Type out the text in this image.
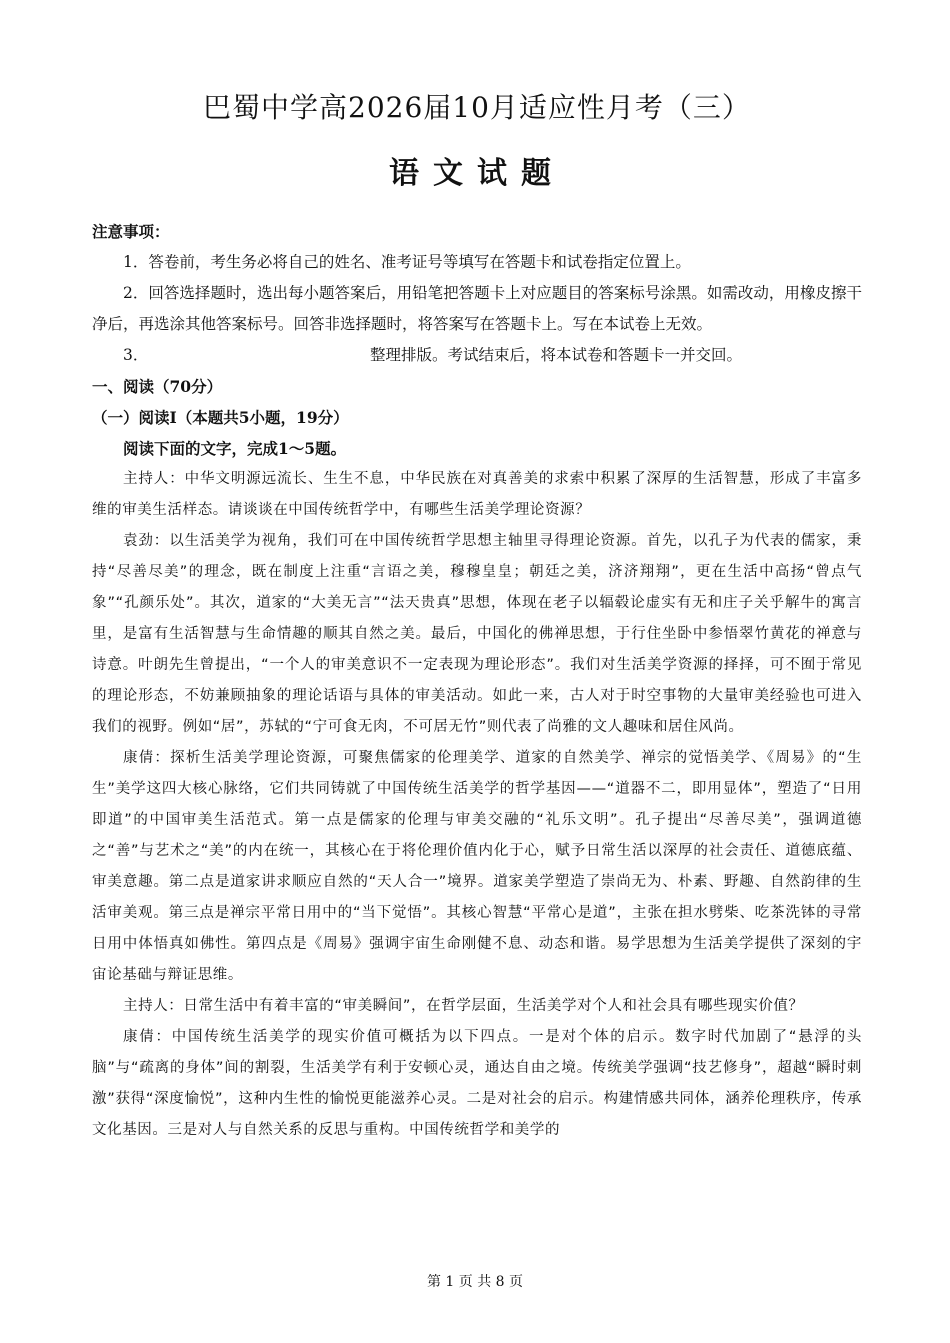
巴蜀中学高2026届10月适应性月考（三）
语文试题
注意事项：

1．答卷前，考生务必将自己的姓名、准考证号等填写在答题卡和试卷指定位置上。

2．回答选择题时，选出每小题答案后，用铅笔把答题卡上对应题目的答案标号涂黑。如需改动，用橡皮擦干净后，再选涂其他答案标号。回答非选择题时，将答案写在答题卡上。写在本试卷上无效。

3．	整理排版。考试结束后，将本试卷和答题卡一并交回。
一、阅读（70分）
（一）阅读Ⅰ（本题共5小题，19分）

阅读下面的文字，完成1～5题。

主持人：中华文明源远流长、生生不息，中华民族在对真善美的求索中积累了深厚的生活智慧，形成了丰富多维的审美生活样态。请谈谈在中国传统哲学中，有哪些生活美学理论资源？

袁劲：以生活美学为视角，我们可在中国传统哲学思想主轴里寻得理论资源。首先，以孔子为代表的儒家，秉持“尽善尽美”的理念，既在制度上注重“言语之美，穆穆皇皇；朝廷之美，济济翔翔”，更在生活中高扬“曾点气象”“孔颜乐处”。其次，道家的“大美无言”“法天贵真”思想，体现在老子以辐毂论虚实有无和庄子关乎解牛的寓言里，是富有生活智慧与生命情趣的顺其自然之美。最后，中国化的佛禅思想，于行住坐卧中参悟翠竹黄花的禅意与诗意。叶朗先生曾提出，“一个人的审美意识不一定表现为理论形态”。我们对生活美学资源的择择，可不囿于常见的理论形态，不妨兼顾抽象的理论话语与具体的审美活动。如此一来，古人对于时空事物的大量审美经验也可进入我们的视野。例如“居”，苏轼的“宁可食无肉，不可居无竹”则代表了尚雅的文人趣味和居住风尚。

康倩：探析生活美学理论资源，可聚焦儒家的伦理美学、道家的自然美学、禅宗的觉悟美学、《周易》的“生生”美学这四大核心脉络，它们共同铸就了中国传统生活美学的哲学基因——“道器不二，即用显体”，塑造了“日用即道”的中国审美生活范式。第一点是儒家的伦理与审美交融的“礼乐文明”。孔子提出“尽善尽美”，强调道德之“善”与艺术之“美”的内在统一，其核心在于将伦理价值内化于心，赋予日常生活以深厚的社会责任、道德底蕴、审美意趣。第二点是道家讲求顺应自然的“天人合一”境界。道家美学塑造了崇尚无为、朴素、野趣、自然韵律的生活审美观。第三点是禅宗平常日用中的“当下觉悟”。其核心智慧“平常心是道”，主张在担水劈柴、吃茶洗钵的寻常日用中体悟真如佛性。第四点是《周易》强调宇宙生命刚健不息、动态和谐。易学思想为生活美学提供了深刻的宇宙论基础与辩证思维。

主持人：日常生活中有着丰富的“审美瞬间”，在哲学层面，生活美学对个人和社会具有哪些现实价值？

康倩：中国传统生活美学的现实价值可概括为以下四点。一是对个体的启示。数字时代加剧了“悬浮的头脑”与“疏离的身体”间的割裂，生活美学有利于安顿心灵，通达自由之境。传统美学强调“技艺修身”，超越“瞬时刺激”获得“深度愉悦”，这种内生性的愉悦更能滋养心灵。二是对社会的启示。构建情感共同体，涵养伦理秩序，传承文化基因。三是对人与自然关系的反思与重构。中国传统哲学和美学的

第 1 页 共 8 页
